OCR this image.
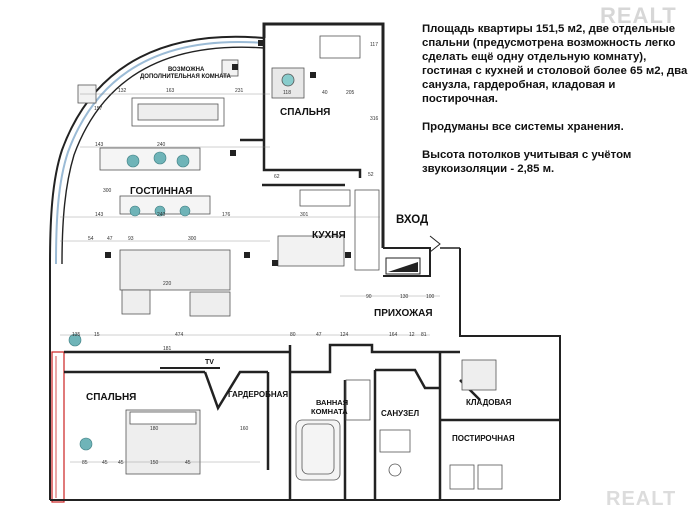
132	163	231	118	40	205
143	240
143	240	176	301
54	47	93	300
135	15	474	80	47	124	164 12 81
90	130	100
85	45 45	150	45
300
220
181
316
157
117
62	52
180	160
ВОЗМОЖНА
ДОПОЛНИТЕЛЬНАЯ КОМНАТА
СПАЛЬНЯ
ГОСТИННАЯ
КУХНЯ
ПРИХОЖАЯ
TV
СПАЛЬНЯ	ГАРДЕРОБНАЯ
ВАННАЯ
КОМНАТА	САНУЗЕЛ
КЛАДОВАЯ
ПОСТИРОЧНАЯ
ВХОД

Площадь квартиры 151,5 м2, две отдельные спальни (предусмотрена возможность легко сделать ещё одну отдельную комнату), гостиная с кухней и столовой более 65 м2, два санузла, гардеробная, кладовая и постирочная.

Продуманы все системы хранения.

Высота потолков учитывая с учётом звукоизоляции - 2,85 м.

REALT
REALT
